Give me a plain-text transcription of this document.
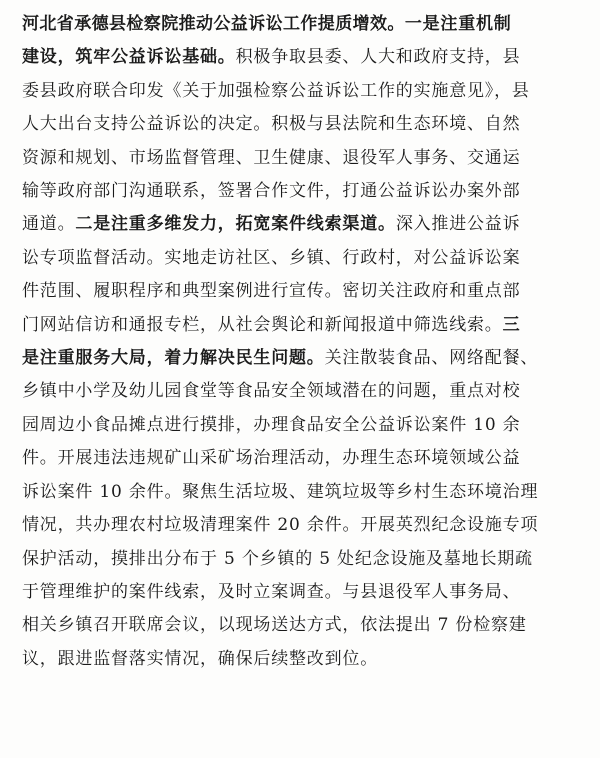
河北省承德县检察院推动公益诉讼工作提质增效。一是注重机制
建设，筑牢公益诉讼基础。积极争取县委、人大和政府支持，县
委县政府联合印发《关于加强检察公益诉讼工作的实施意见》，县
人大出台支持公益诉讼的决定。积极与县法院和生态环境、自然
资源和规划、市场监督管理、卫生健康、退役军人事务、交通运
输等政府部门沟通联系，签署合作文件，打通公益诉讼办案外部
通道。二是注重多维发力，拓宽案件线索渠道。深入推进公益诉
讼专项监督活动。实地走访社区、乡镇、行政村，对公益诉讼案
件范围、履职程序和典型案例进行宣传。密切关注政府和重点部
门网站信访和通报专栏，从社会舆论和新闻报道中筛选线索。三
是注重服务大局，着力解决民生问题。关注散装食品、网络配餐、
乡镇中小学及幼儿园食堂等食品安全领域潜在的问题，重点对校
园周边小食品摊点进行摸排，办理食品安全公益诉讼案件 10 余
件。开展违法违规矿山采矿场治理活动，办理生态环境领域公益
诉讼案件 10 余件。聚焦生活垃圾、建筑垃圾等乡村生态环境治理
情况，共办理农村垃圾清理案件 20 余件。开展英烈纪念设施专项
保护活动，摸排出分布于 5 个乡镇的 5 处纪念设施及墓地长期疏
于管理维护的案件线索，及时立案调查。与县退役军人事务局、
相关乡镇召开联席会议，以现场送达方式，依法提出 7 份检察建
议，跟进监督落实情况，确保后续整改到位。
